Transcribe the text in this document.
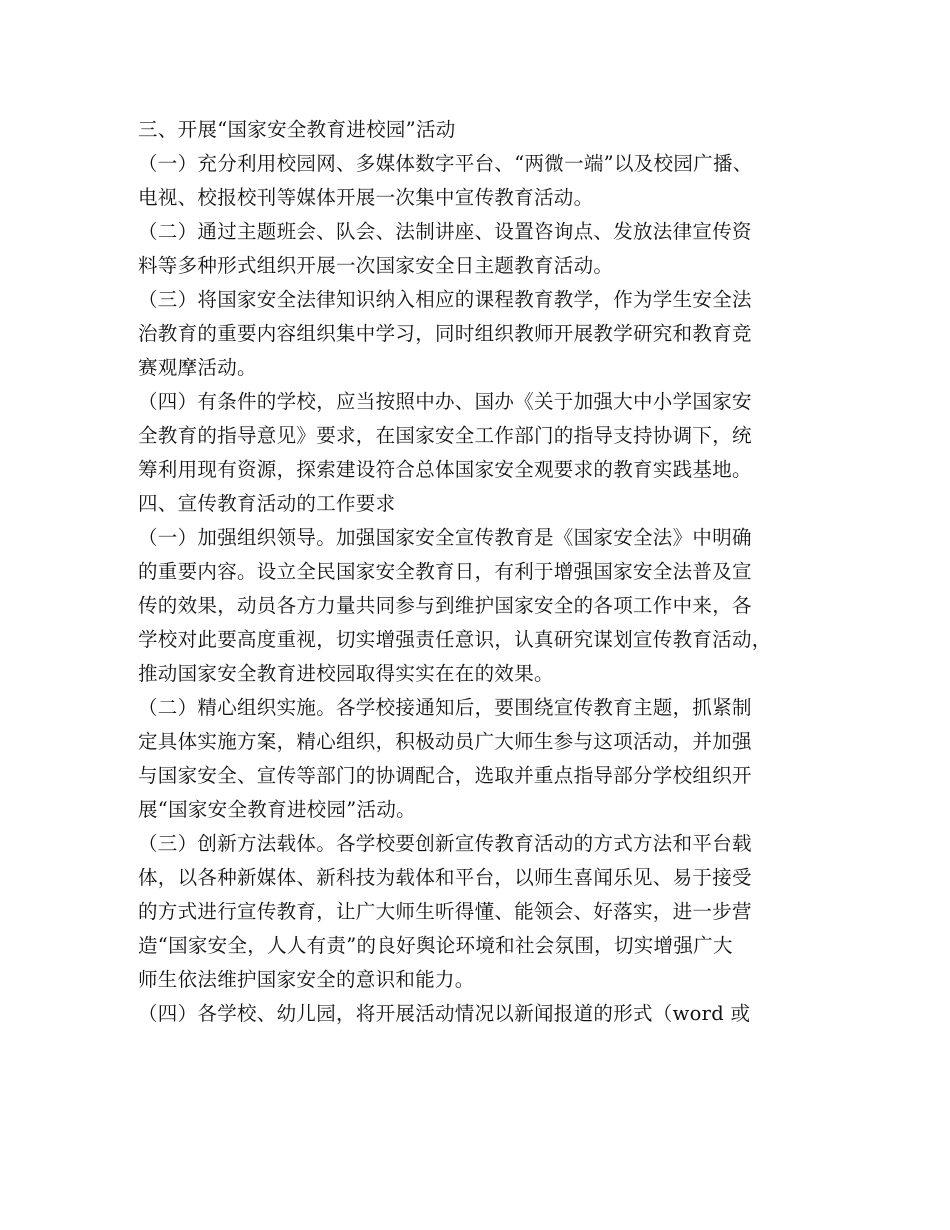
三、开展“国家安全教育进校园”活动
（一）充分利用校园网、多媒体数字平台、“两微一端”以及校园广播、
电视、校报校刊等媒体开展一次集中宣传教育活动。
（二）通过主题班会、队会、法制讲座、设置咨询点、发放法律宣传资
料等多种形式组织开展一次国家安全日主题教育活动。
（三）将国家安全法律知识纳入相应的课程教育教学，作为学生安全法
治教育的重要内容组织集中学习，同时组织教师开展教学研究和教育竞
赛观摩活动。
（四）有条件的学校，应当按照中办、国办《关于加强大中小学国家安
全教育的指导意见》要求，在国家安全工作部门的指导支持协调下，统
筹利用现有资源，探索建设符合总体国家安全观要求的教育实践基地。
四、宣传教育活动的工作要求
（一）加强组织领导。加强国家安全宣传教育是《国家安全法》中明确
的重要内容。设立全民国家安全教育日，有利于增强国家安全法普及宣
传的效果，动员各方力量共同参与到维护国家安全的各项工作中来，各
学校对此要高度重视，切实增强责任意识，认真研究谋划宣传教育活动，
推动国家安全教育进校园取得实实在在的效果。
（二）精心组织实施。各学校接通知后，要围绕宣传教育主题，抓紧制
定具体实施方案，精心组织，积极动员广大师生参与这项活动，并加强
与国家安全、宣传等部门的协调配合，选取并重点指导部分学校组织开
展“国家安全教育进校园”活动。
（三）创新方法载体。各学校要创新宣传教育活动的方式方法和平台载
体，以各种新媒体、新科技为载体和平台，以师生喜闻乐见、易于接受
的方式进行宣传教育，让广大师生听得懂、能领会、好落实，进一步营
造“国家安全，人人有责”的良好舆论环境和社会氛围，切实增强广大
师生依法维护国家安全的意识和能力。
（四）各学校、幼儿园，将开展活动情况以新闻报道的形式（word 或
